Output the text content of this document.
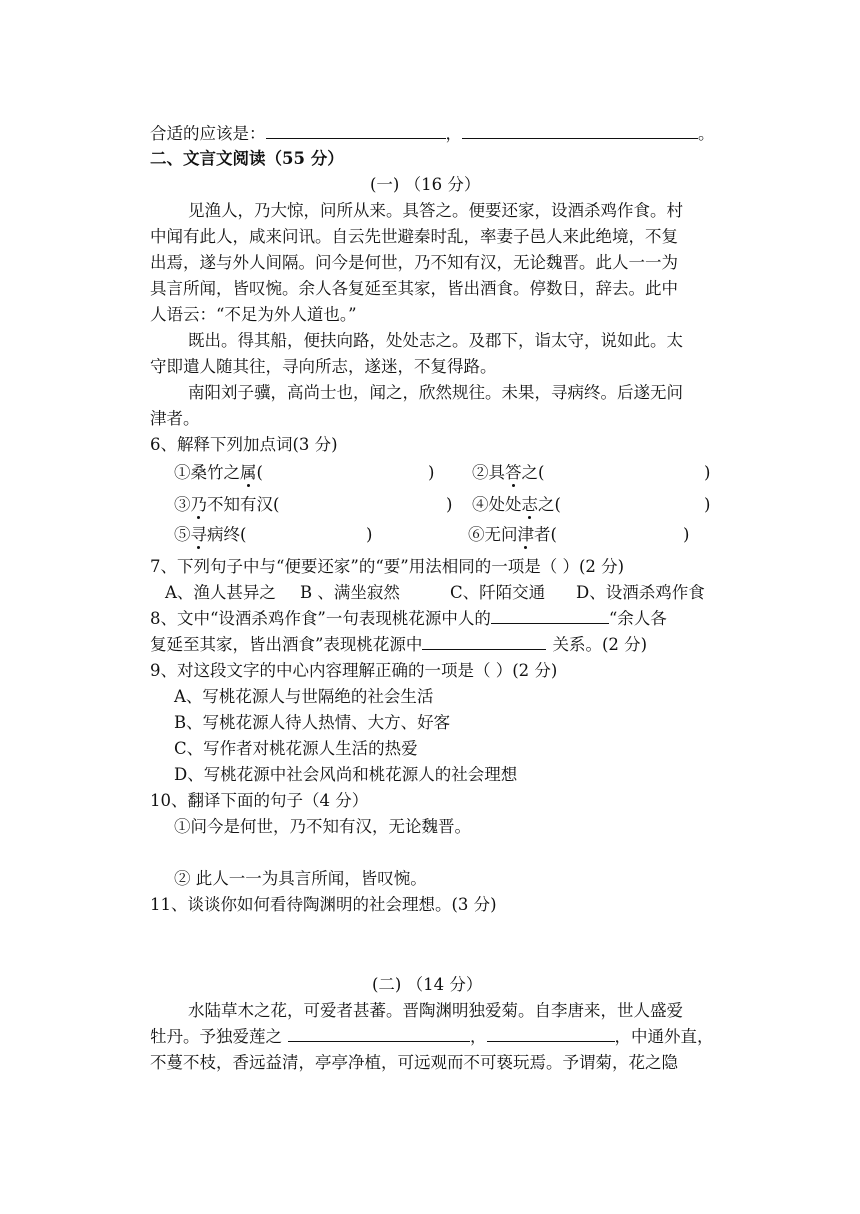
合适的应该是：	，	。
二、文言文阅读（55 分）
(一) （16 分）
见渔人，乃大惊，问所从来。具答之。便要还家，设酒杀鸡作食。村
中闻有此人，咸来问讯。自云先世避秦时乱，率妻子邑人来此绝境，不复
出焉，遂与外人间隔。问今是何世，乃不知有汉，无论魏晋。此人一一为
具言所闻，皆叹惋。余人各复延至其家，皆出酒食。停数日，辞去。此中
人语云：“不足为外人道也。”
既出。得其船，便扶向路，处处志之。及郡下，诣太守，说如此。太
守即遣人随其往，寻向所志，遂迷，不复得路。
南阳刘子骥，高尚士也，闻之，欣然规往。未果，寻病终。后遂无问
津者。
6、解释下列加点词(3 分)
①桑竹之属(	) ②具答之(	)
③乃不知有汉(	) ④处处志之(	)
⑤寻病终(	)	⑥无问津者(	)
7、下列句子中与“便要还家”的“要”用法相同的一项是（ ）(2 分)
A、渔人甚异之 B 、满坐寂然	C、阡陌交通 D、设酒杀鸡作食
8、文中“设酒杀鸡作食”一句表现桃花源中人的	“余人各
复延至其家，皆出酒食”表现桃花源中	关系。(2 分)
9、对这段文字的中心内容理解正确的一项是（ ）(2 分)
A、写桃花源人与世隔绝的社会生活
B、写桃花源人待人热情、大方、好客
C、写作者对桃花源人生活的热爱
D、写桃花源中社会风尚和桃花源人的社会理想
10、翻译下面的句子（4 分）
①问今是何世，乃不知有汉，无论魏晋。
② 此人一一为具言所闻，皆叹惋。
11、谈谈你如何看待陶渊明的社会理想。(3 分)
(二) （14 分）
水陆草木之花，可爱者甚蕃。晋陶渊明独爱菊。自李唐来，世人盛爱
牡丹。予独爱莲之	，	，中通外直，
不蔓不枝，香远益清，亭亭净植，可远观而不可亵玩焉。予谓菊，花之隐
